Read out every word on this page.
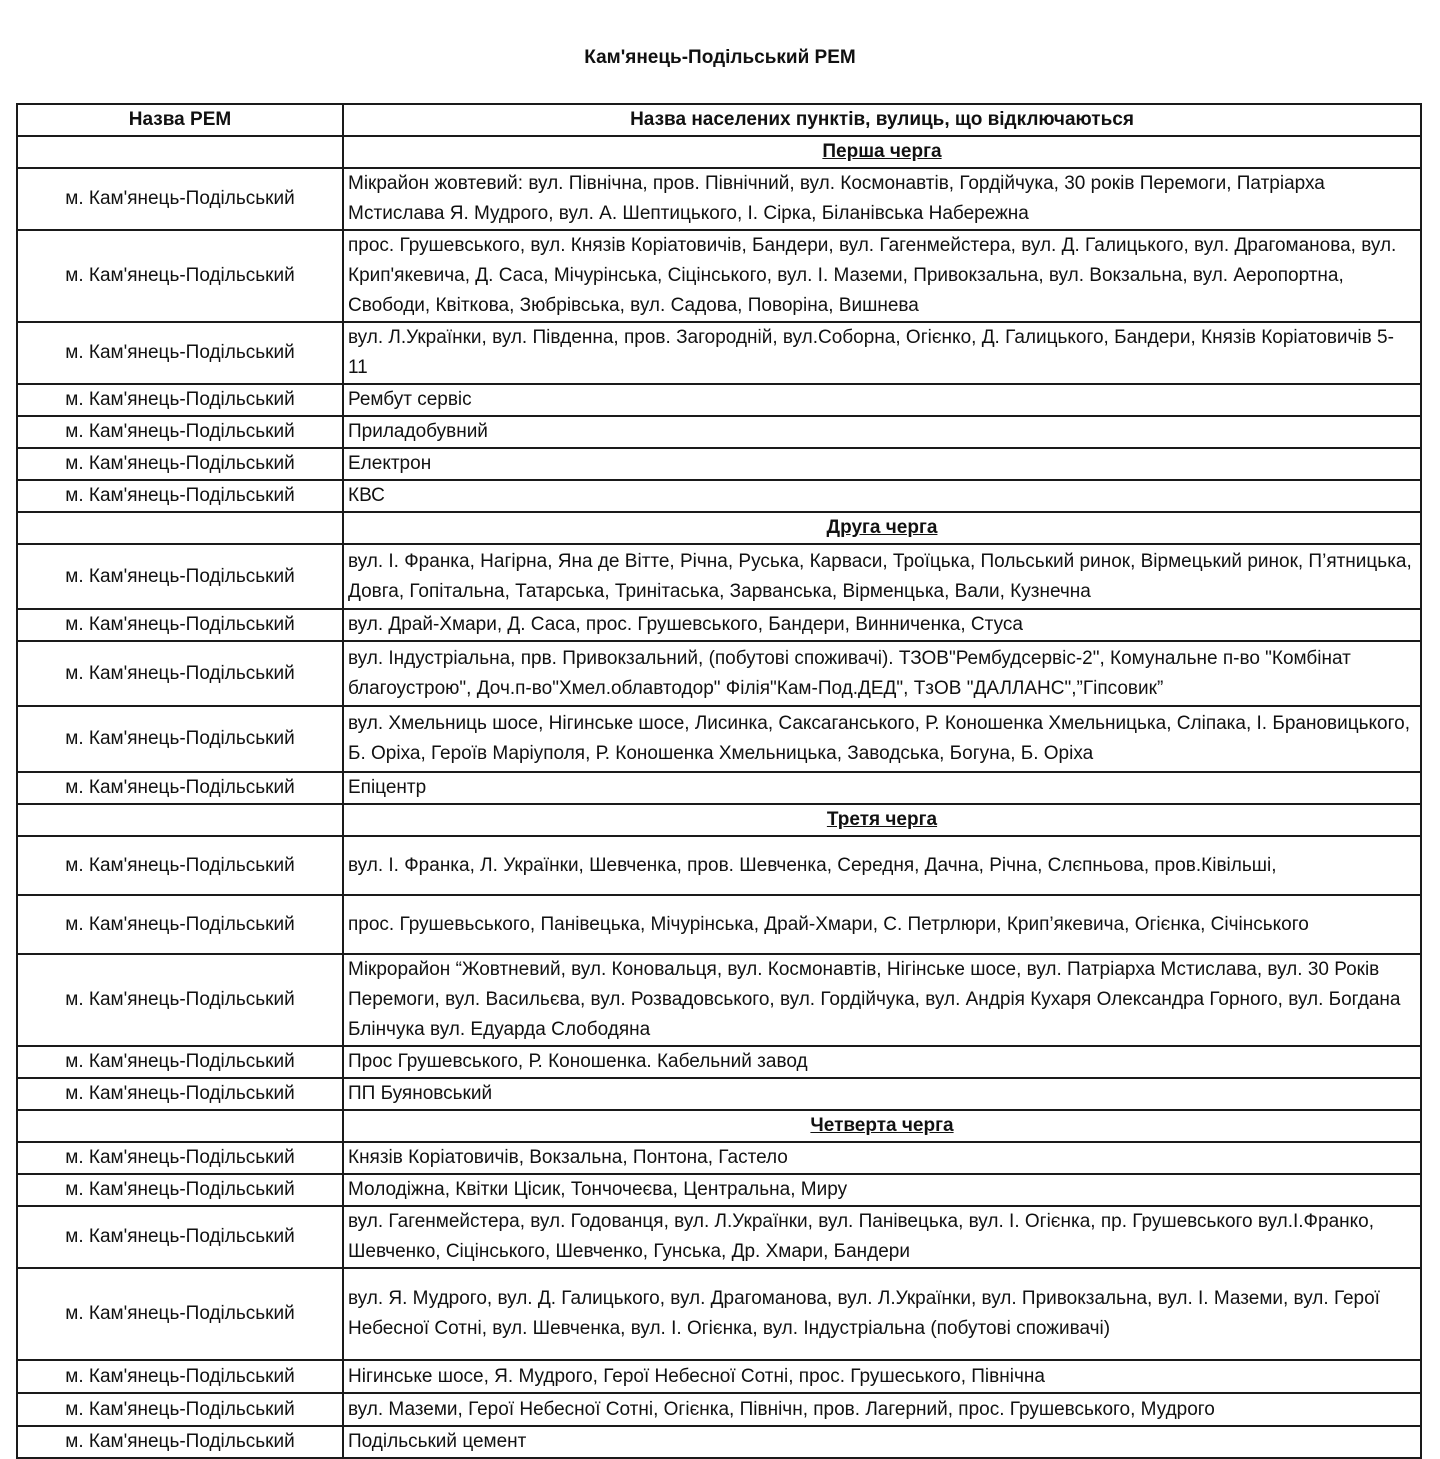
Кам'янець-Подільський РЕМ
Назва РЕМ	Назва населених пунктів, вулиць, що відключаються
	Перша черга
м. Кам'янець-Подільський	Мікрайон жовтевий: вул. Північна, пров. Північний, вул. Космонавтів, Гордійчука, 30 років Перемоги, Патріарха Мстислава Я. Мудрого, вул. А. Шептицького, І. Сірка, Біланівська Набережна
м. Кам'янець-Подільський	прос. Грушевського, вул. Князів Коріатовичів, Бандери, вул. Гагенмейстера, вул. Д. Галицького, вул. Драгоманова, вул. Крип'якевича, Д. Саса, Мічурінська, Сіцінського, вул. І. Маземи, Привокзальна, вул. Вокзальна, вул. Аеропортна, Свободи, Квіткова, Зюбрівська, вул. Садова, Поворіна, Вишнева
м. Кам'янець-Подільський	вул. Л.Українки, вул. Південна, пров. Загородній, вул.Соборна, Огієнко, Д. Галицького, Бандери, Князів Коріатовичів 5- 11
м. Кам'янець-Подільський	Рембут сервіс
м. Кам'янець-Подільський	Приладобувний
м. Кам'янець-Подільський	Електрон
м. Кам'янець-Подільський	КВС
	Друга черга
м. Кам'янець-Подільський	вул. І. Франка, Нагірна, Яна де Вітте, Річна, Руська, Карваси, Троїцька, Польський ринок, Вірмецький ринок, П’ятницька, Довга, Гопітальна, Татарська, Тринітаська, Зарванська, Вірменцька, Вали, Кузнечна
м. Кам'янець-Подільський	вул. Драй-Хмари, Д. Саса, прос. Грушевського, Бандери, Винниченка, Стуса
м. Кам'янець-Подільський	вул. Індустріальна, прв. Привокзальний, (побутові споживачі). ТЗОВ"Рембудсервіс-2", Комунальне п-во "Комбінат благоустрою", Доч.п-во"Хмел.облавтодор" Філія"Кам-Под.ДЕД", ТзОВ "ДАЛЛАНС",”Гіпсовик”
м. Кам'янець-Подільський	вул. Хмельниць шосе, Нігинське шосе, Лисинка, Саксаганського, Р. Коношенка Хмельницька, Сліпака, І. Брановицького, Б. Оріха, Героїв Маріуполя, Р. Коношенка Хмельницька, Заводська, Богуна, Б. Оріха
м. Кам'янець-Подільський	Епіцентр
	Третя черга
м. Кам'янець-Подільський	вул. І. Франка, Л. Українки, Шевченка, пров. Шевченка, Середня, Дачна, Річна, Слєпньова, пров.Ківільші,
м. Кам'янець-Подільський	прос. Грушевьського, Панівецька, Мічурінська, Драй-Хмари, С. Петрлюри, Крип’якевича, Огієнка, Січінського
м. Кам'янець-Подільський	Мікрорайон “Жовтневий, вул. Коновальця, вул. Космонавтів, Нігінське шосе, вул. Патріарха Мстислава, вул. 30 Років Перемоги, вул. Васильєва, вул. Розвадовського, вул. Гордійчука, вул. Андрія Кухаря Олександра Горного, вул. Богдана Блінчука вул. Едуарда Слободяна
м. Кам'янець-Подільський	Прос Грушевського, Р. Коношенка. Кабельний завод
м. Кам'янець-Подільський	ПП Буяновський
	Четверта черга
м. Кам'янець-Подільський	Князів Коріатовичів, Вокзальна, Понтона, Гастело
м. Кам'янець-Подільський	Молодіжна, Квітки Цісик, Тончочеєва, Центральна, Миру
м. Кам'янець-Подільський	вул. Гагенмейстера, вул. Годованця, вул. Л.Українки, вул. Панівецька, вул. І. Огієнка, пр. Грушевського вул.І.Франко, Шевченко, Сіцінського, Шевченко, Гунська, Др. Хмари, Бандери
м. Кам'янець-Подільський	вул. Я. Мудрого, вул. Д. Галицького, вул. Драгоманова, вул. Л.Українки, вул. Привокзальна, вул. І. Маземи, вул. Герої Небесної Сотні, вул. Шевченка, вул. І. Огієнка, вул. Індустріальна (побутові споживачі)
м. Кам'янець-Подільський	Нігинське шосе, Я. Мудрого, Герої Небесної Сотні, прос. Грушеського, Північна
м. Кам'янець-Подільський	вул. Маземи, Герої Небесної Сотні, Огієнка, Північн, пров. Лагерний, прос. Грушевського, Мудрого
м. Кам'янець-Подільський	Подільський цемент
